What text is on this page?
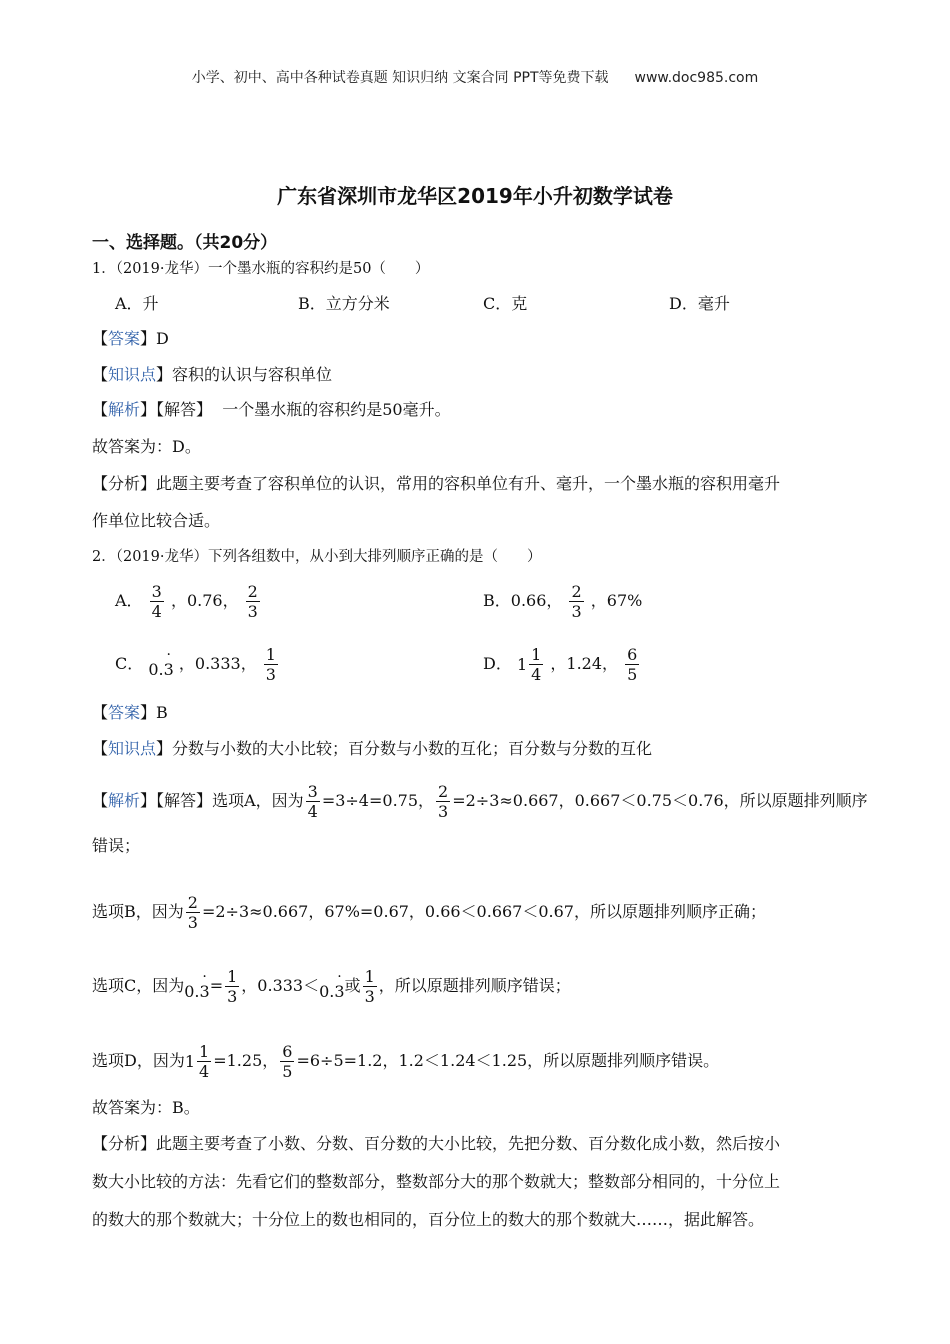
小学、初中、高中各种试卷真题 知识归纳 文案合同 PPT等免费下载 www.doc985.com
广东省深圳市龙华区2019年小升初数学试卷
一、选择题。（共20分）
1．（2019·龙华）一个墨水瓶的容积约是50（　　）
A．升	B．立方分米	C．克	D．毫升
【答案】D
【知识点】容积的认识与容积单位
【解析】【解答】  一个墨水瓶的容积约是50毫升。
故答案为：D。
【分析】此题主要考查了容积单位的认识，常用的容积单位有升、毫升，一个墨水瓶的容积用毫升
作单位比较合适。
2．（2019·龙华）下列各组数中，从小到大排列顺序正确的是（　　）
A． $\frac{3}{4}$ ，0.76， $\frac{2}{3}$	B．0.66， $\frac{2}{3}$ ，67%
C． 0.· 3 ，0.333， $\frac{1}{3}$	D． $1 \frac{1}{4}$ ，1.24， $\frac{6}{5}$
【答案】B
【知识点】分数与小数的大小比较；百分数与小数的互化；百分数与分数的互化
【解析】【解答】选项A，因为 $\frac{3}{4} =3\div 4=0.75$， $\frac{2}{3} =2\div 3\approx 0.667$，0.667＜0.75＜0.76，所以原题排列顺序
错误；
选项B，因为 $\frac{2}{3} =2\div 3\approx 0.667$，67%=0.67，0.66＜0.667＜0.67，所以原题排列顺序正确；
选项C，因为$0.\cdot 3= \frac{1}{3}$ ，0.333＜0.· 3或 $\frac{1}{3}$ ，所以原题排列顺序错误；
选项D，因为 $1 \frac{1}{4} =1.25$， $\frac{6}{5} =6\div 5=1.2$，1.2＜1.24＜1.25，所以原题排列顺序错误。
故答案为：B。
【分析】此题主要考查了小数、分数、百分数的大小比较，先把分数、百分数化成小数，然后按小
数大小比较的方法：先看它们的整数部分，整数部分大的那个数就大；整数部分相同的，十分位上
的数大的那个数就大；十分位上的数也相同的，百分位上的数大的那个数就大……，据此解答。
